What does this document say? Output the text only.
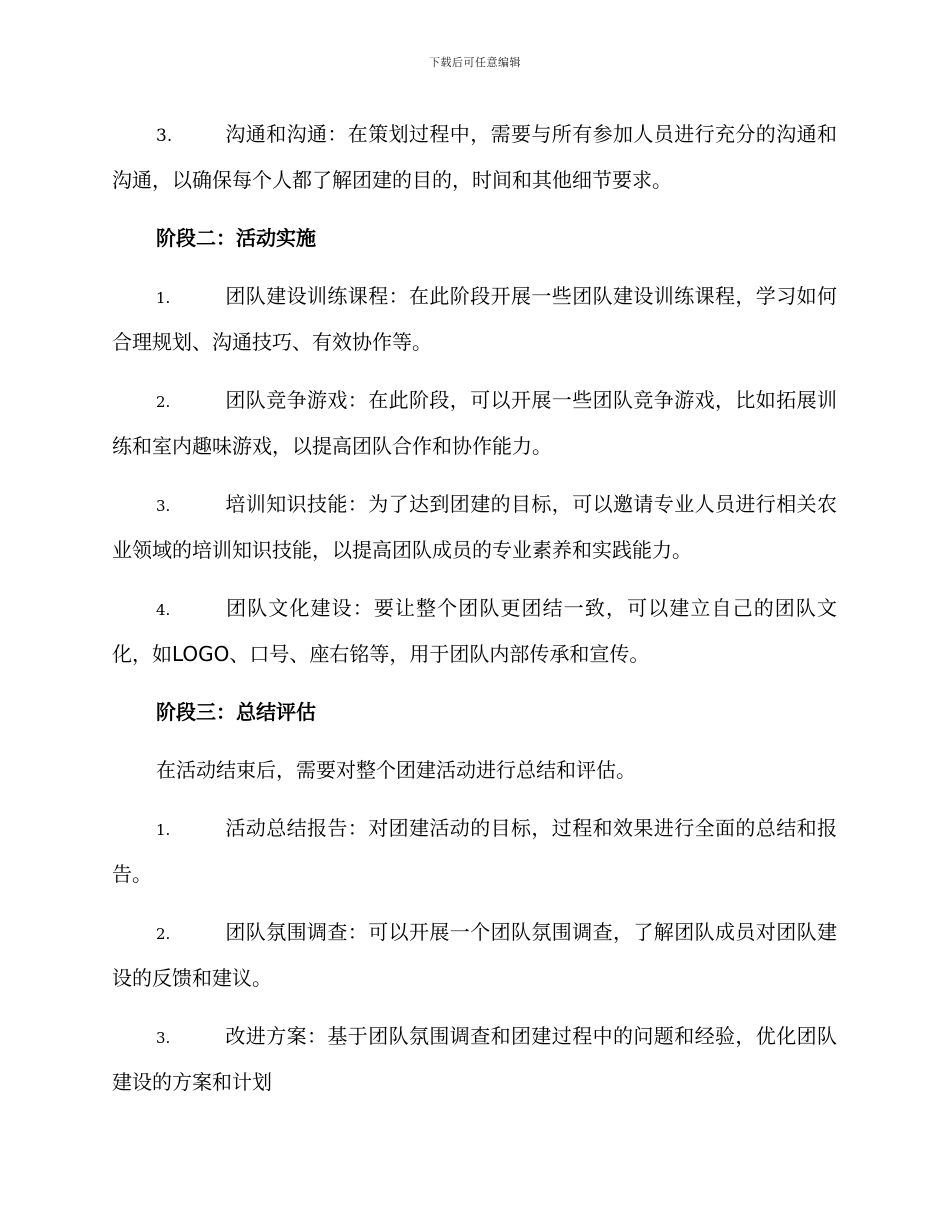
下载后可任意编辑

3.	沟通和沟通：在策划过程中，需要与所有参加人员进行充分的沟通和沟通，以确保每个人都了解团建的目的，时间和其他细节要求。

阶段二：活动实施

1.	团队建设训练课程：在此阶段开展一些团队建设训练课程，学习如何合理规划、沟通技巧、有效协作等。

2.	团队竞争游戏：在此阶段，可以开展一些团队竞争游戏，比如拓展训练和室内趣味游戏，以提高团队合作和协作能力。

3.	培训知识技能：为了达到团建的目标，可以邀请专业人员进行相关农业领域的培训知识技能，以提高团队成员的专业素养和实践能力。

4.	团队文化建设：要让整个团队更团结一致，可以建立自己的团队文化，如LOGO、口号、座右铭等，用于团队内部传承和宣传。

阶段三：总结评估

在活动结束后，需要对整个团建活动进行总结和评估。

1.	活动总结报告：对团建活动的目标，过程和效果进行全面的总结和报告。

2.	团队氛围调查：可以开展一个团队氛围调查，了解团队成员对团队建设的反馈和建议。

3.	改进方案：基于团队氛围调查和团建过程中的问题和经验，优化团队建设的方案和计划
